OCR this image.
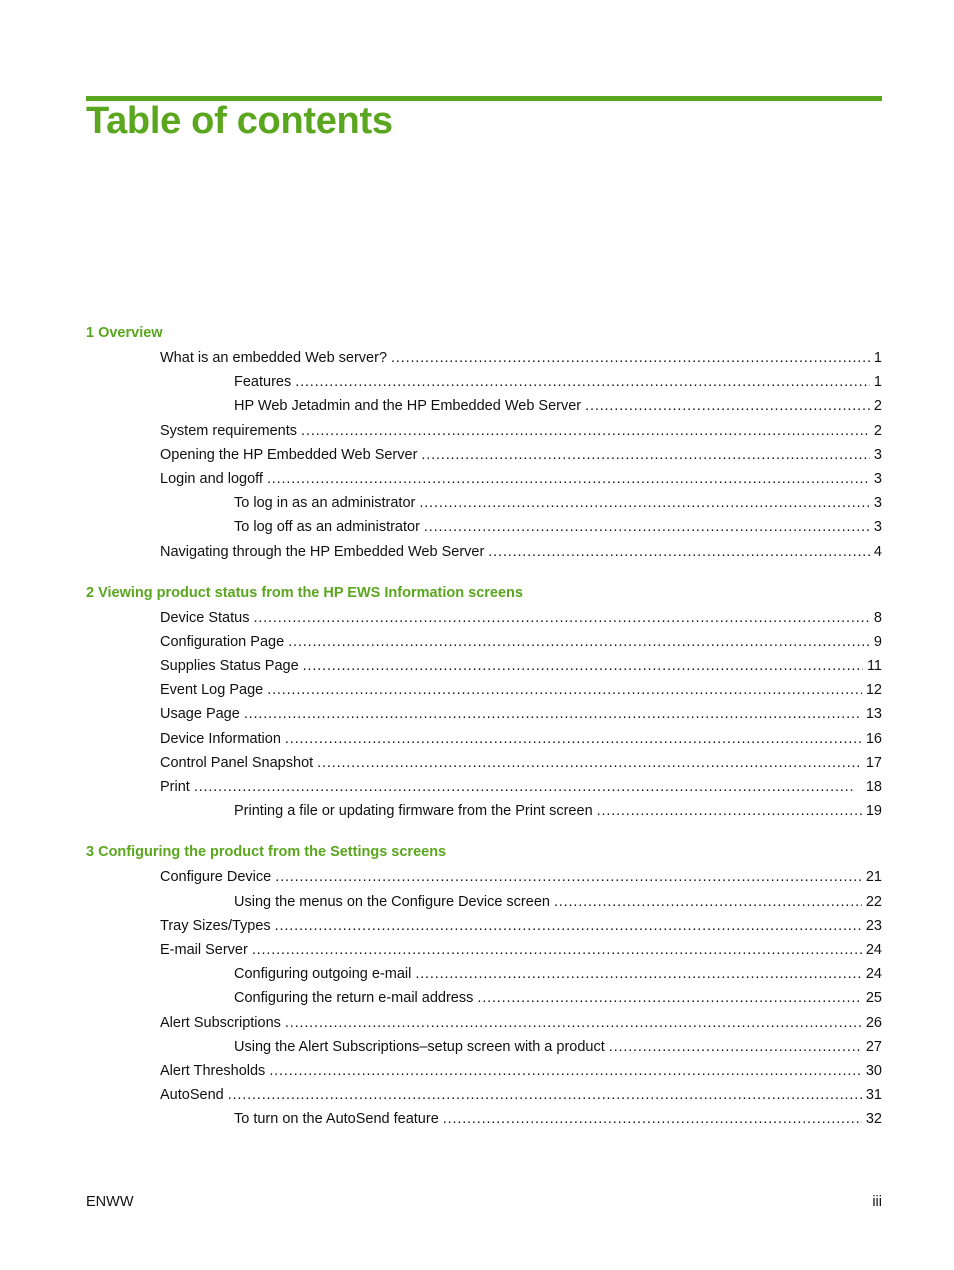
Table of contents
1 Overview
What is an embedded Web server? . . .	1
Features . . .	1
HP Web Jetadmin and the HP Embedded Web Server . . .	2
System requirements . . .	2
Opening the HP Embedded Web Server . . .	3
Login and logoff . . .	3
To log in as an administrator . . .	3
To log off as an administrator . . .	3
Navigating through the HP Embedded Web Server . . .	4
2 Viewing product status from the HP EWS Information screens
Device Status . . .	8
Configuration Page . . .	9
Supplies Status Page . . .	11
Event Log Page . . .	12
Usage Page . . .	13
Device Information . . .	16
Control Panel Snapshot . . .	17
Print . . .	18
Printing a file or updating firmware from the Print screen . . .	19
3 Configuring the product from the Settings screens
Configure Device . . .	21
Using the menus on the Configure Device screen . . .	22
Tray Sizes/Types . . .	23
E-mail Server . . .	24
Configuring outgoing e-mail . . .	24
Configuring the return e-mail address . . .	25
Alert Subscriptions . . .	26
Using the Alert Subscriptions–setup screen with a product . . .	27
Alert Thresholds . . .	30
AutoSend . . .	31
To turn on the AutoSend feature . . .	32
ENWW	iii
